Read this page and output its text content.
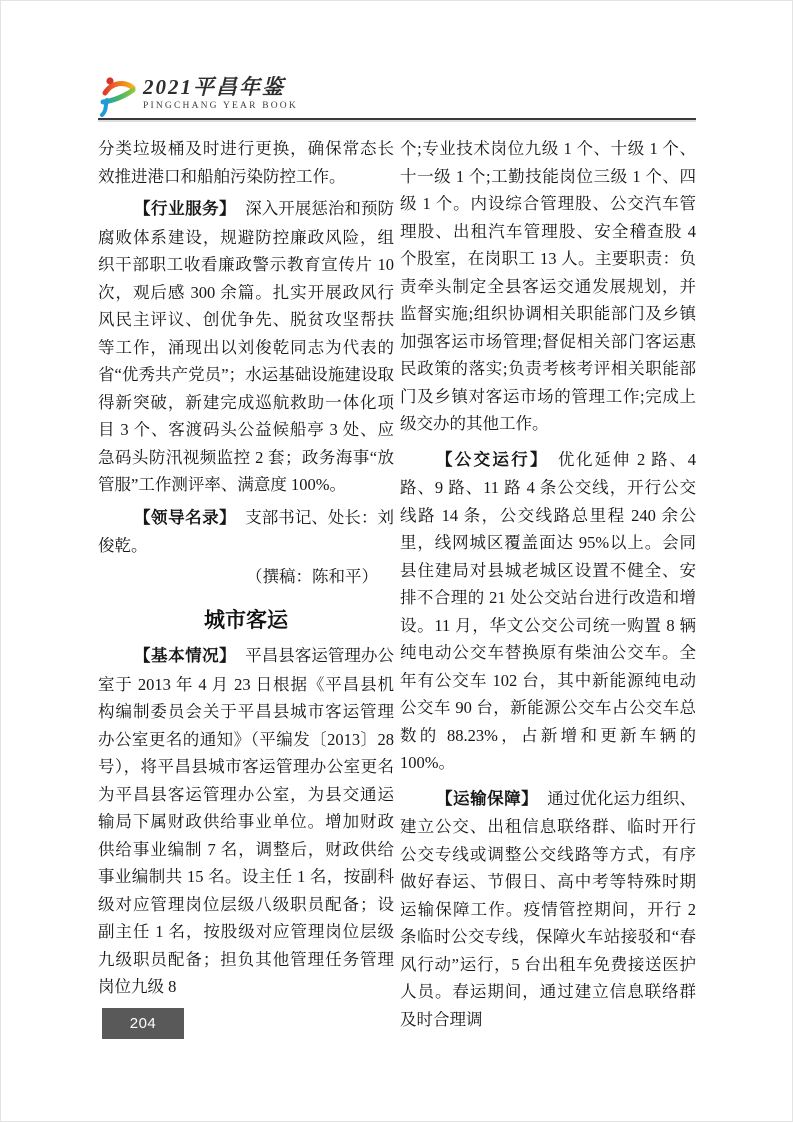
2021平昌年鉴
PINGCHANG YEAR BOOK

分类垃圾桶及时进行更换，确保常态长效推进港口和船舶污染防控工作。

【行业服务】 深入开展惩治和预防腐败体系建设，规避防控廉政风险，组织干部职工收看廉政警示教育宣传片 10 次，观后感 300 余篇。扎实开展政风行风民主评议、创优争先、脱贫攻坚帮扶等工作，涌现出以刘俊乾同志为代表的省“优秀共产党员”；水运基础设施建设取得新突破，新建完成巡航救助一体化项目 3 个、客渡码头公益候船亭 3 处、应急码头防汛视频监控 2 套；政务海事“放管服”工作测评率、满意度 100%。

【领导名录】 支部书记、处长：刘俊乾。

（撰稿：陈和平）

城市客运

【基本情况】 平昌县客运管理办公室于 2013 年 4 月 23 日根据《平昌县机构编制委员会关于平昌县城市客运管理办公室更名的通知》（平编发〔2013〕28 号），将平昌县城市客运管理办公室更名为平昌县客运管理办公室，为县交通运输局下属财政供给事业单位。增加财政供给事业编制 7 名，调整后，财政供给事业编制共 15 名。设主任 1 名，按副科级对应管理岗位层级八级职员配备；设副主任 1 名，按股级对应管理岗位层级九级职员配备；担负其他管理任务管理岗位九级 8

个;专业技术岗位九级 1 个、十级 1 个、十一级 1 个;工勤技能岗位三级 1 个、四级 1 个。内设综合管理股、公交汽车管理股、出租汽车管理股、安全稽查股 4 个股室，在岗职工 13 人。主要职责：负责牵头制定全县客运交通发展规划，并监督实施;组织协调相关职能部门及乡镇加强客运市场管理;督促相关部门客运惠民政策的落实;负责考核考评相关职能部门及乡镇对客运市场的管理工作;完成上级交办的其他工作。

【公交运行】 优化延伸 2 路、4 路、9 路、11 路 4 条公交线，开行公交线路 14 条，公交线路总里程 240 余公里，线网城区覆盖面达 95%以上。会同县住建局对县城老城区设置不健全、安排不合理的 21 处公交站台进行改造和增设。11 月，华文公交公司统一购置 8 辆纯电动公交车替换原有柴油公交车。全年有公交车 102 台，其中新能源纯电动公交车 90 台，新能源公交车占公交车总数的 88.23%，占新增和更新车辆的 100%。

【运输保障】 通过优化运力组织、建立公交、出租信息联络群、临时开行公交专线或调整公交线路等方式，有序做好春运、节假日、高中考等特殊时期运输保障工作。疫情管控期间，开行 2 条临时公交专线，保障火车站接驳和“春风行动”运行，5 台出租车免费接送医护人员。春运期间，通过建立信息联络群及时合理调

204
